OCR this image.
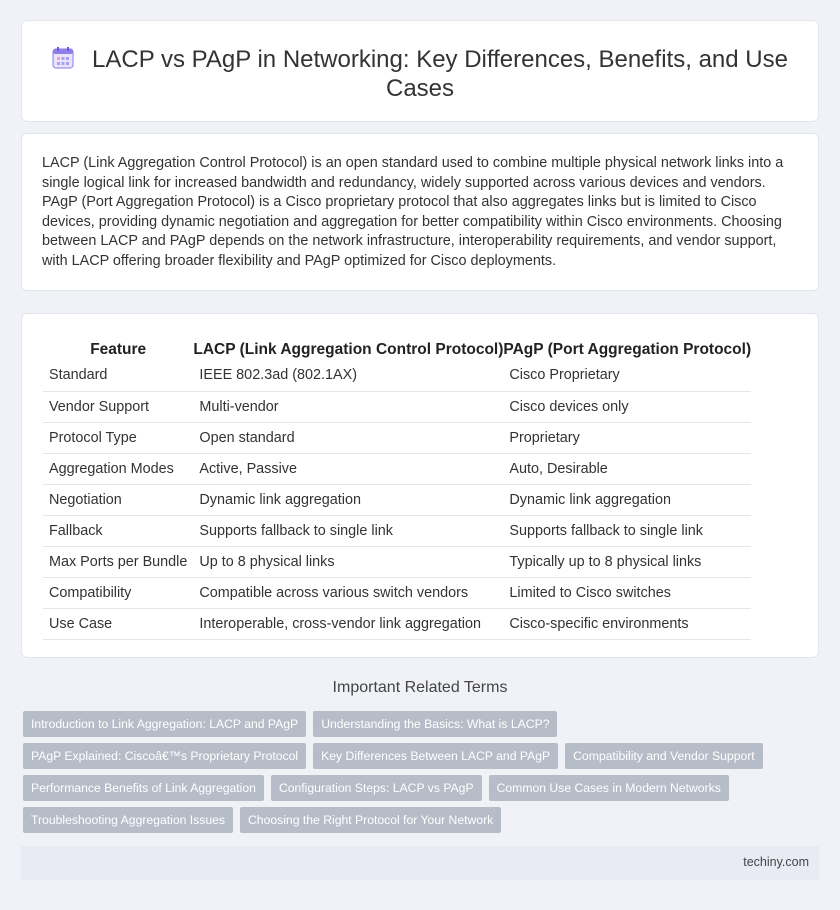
LACP vs PAgP in Networking: Key Differences, Benefits, and Use Cases

LACP (Link Aggregation Control Protocol) is an open standard used to combine multiple physical network links into a single logical link for increased bandwidth and redundancy, widely supported across various devices and vendors. PAgP (Port Aggregation Protocol) is a Cisco proprietary protocol that also aggregates links but is limited to Cisco devices, providing dynamic negotiation and aggregation for better compatibility within Cisco environments. Choosing between LACP and PAgP depends on the network infrastructure, interoperability requirements, and vendor support, with LACP offering broader flexibility and PAgP optimized for Cisco deployments.

Feature	LACP (Link Aggregation Control Protocol)	PAgP (Port Aggregation Protocol)
Standard	IEEE 802.3ad (802.1AX)	Cisco Proprietary
Vendor Support	Multi-vendor	Cisco devices only
Protocol Type	Open standard	Proprietary
Aggregation Modes	Active, Passive	Auto, Desirable
Negotiation	Dynamic link aggregation	Dynamic link aggregation
Fallback	Supports fallback to single link	Supports fallback to single link
Max Ports per Bundle	Up to 8 physical links	Typically up to 8 physical links
Compatibility	Compatible across various switch vendors	Limited to Cisco switches
Use Case	Interoperable, cross-vendor link aggregation	Cisco-specific environments
Important Related Terms
Introduction to Link Aggregation: LACP and PAgP	Understanding the Basics: What is LACP?
PAgP Explained: Ciscoâ€™s Proprietary Protocol	Key Differences Between LACP and PAgP	Compatibility and Vendor Support
Performance Benefits of Link Aggregation	Configuration Steps: LACP vs PAgP	Common Use Cases in Modern Networks
Troubleshooting Aggregation Issues	Choosing the Right Protocol for Your Network
techiny.com
